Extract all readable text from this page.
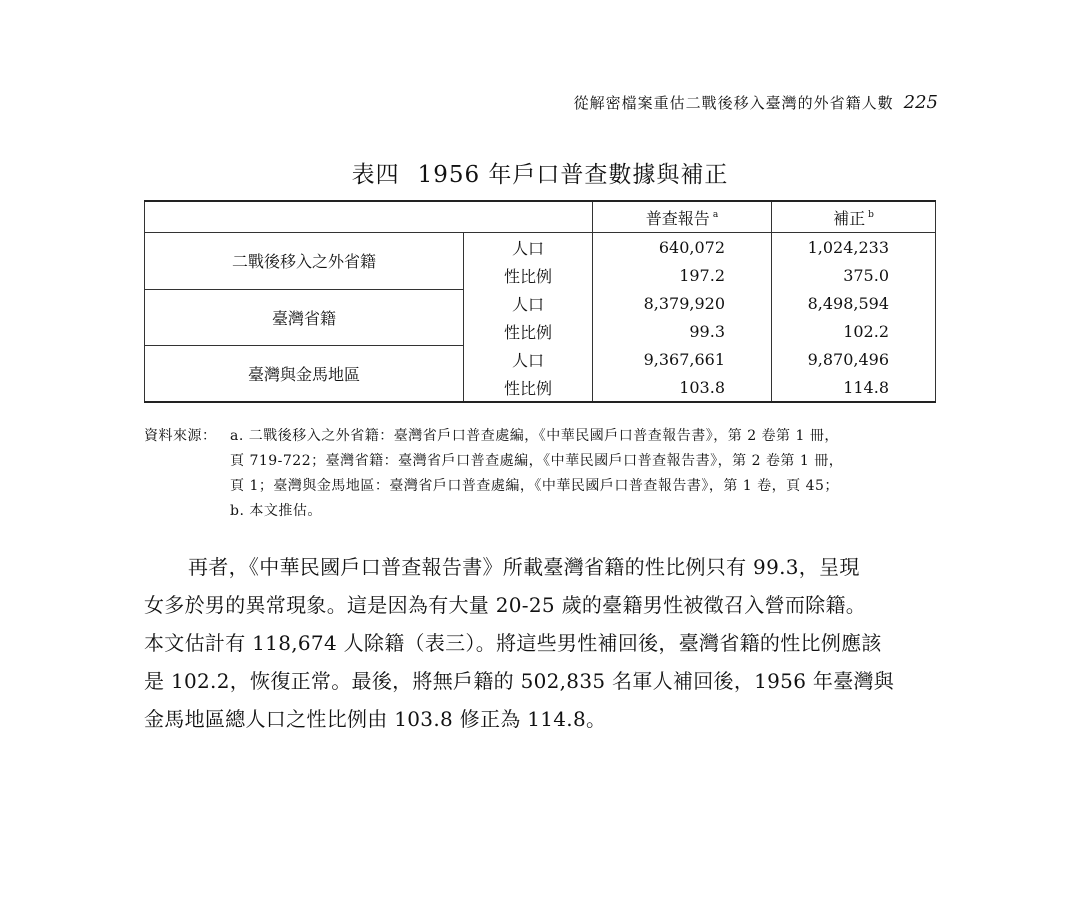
從解密檔案重估二戰後移入臺灣的外省籍人數 225
表四 1956 年戶口普查數據與補正
		普查報告 $^a$	補正 $^b$
二戰後移入之外省籍	人口	640,072	1,024,233
	性比例	197.2	375.0
臺灣省籍	人口	8,379,920	8,498,594
	性比例	99.3	102.2
臺灣與金馬地區	人口	9,367,661	9,870,496
	性比例	103.8	114.8
資料來源： a. 二戰後移入之外省籍：臺灣省戶口普查處編，《中華民國戶口普查報告書》，第 2 卷第 1 冊，
頁 719-722；臺灣省籍：臺灣省戶口普查處編，《中華民國戶口普查報告書》，第 2 卷第 1 冊，
頁 1；臺灣與金馬地區：臺灣省戶口普查處編，《中華民國戶口普查報告書》，第 1 卷，頁 45；
b. 本文推估。
再者，《中華民國戶口普查報告書》所載臺灣省籍的性比例只有 99.3，呈現
女多於男的異常現象。這是因為有大量 20-25 歲的臺籍男性被徵召入營而除籍。
本文估計有 118,674 人除籍（表三）。將這些男性補回後，臺灣省籍的性比例應該
是 102.2，恢復正常。最後，將無戶籍的 502,835 名軍人補回後，1956 年臺灣與
金馬地區總人口之性比例由 103.8 修正為 114.8。
